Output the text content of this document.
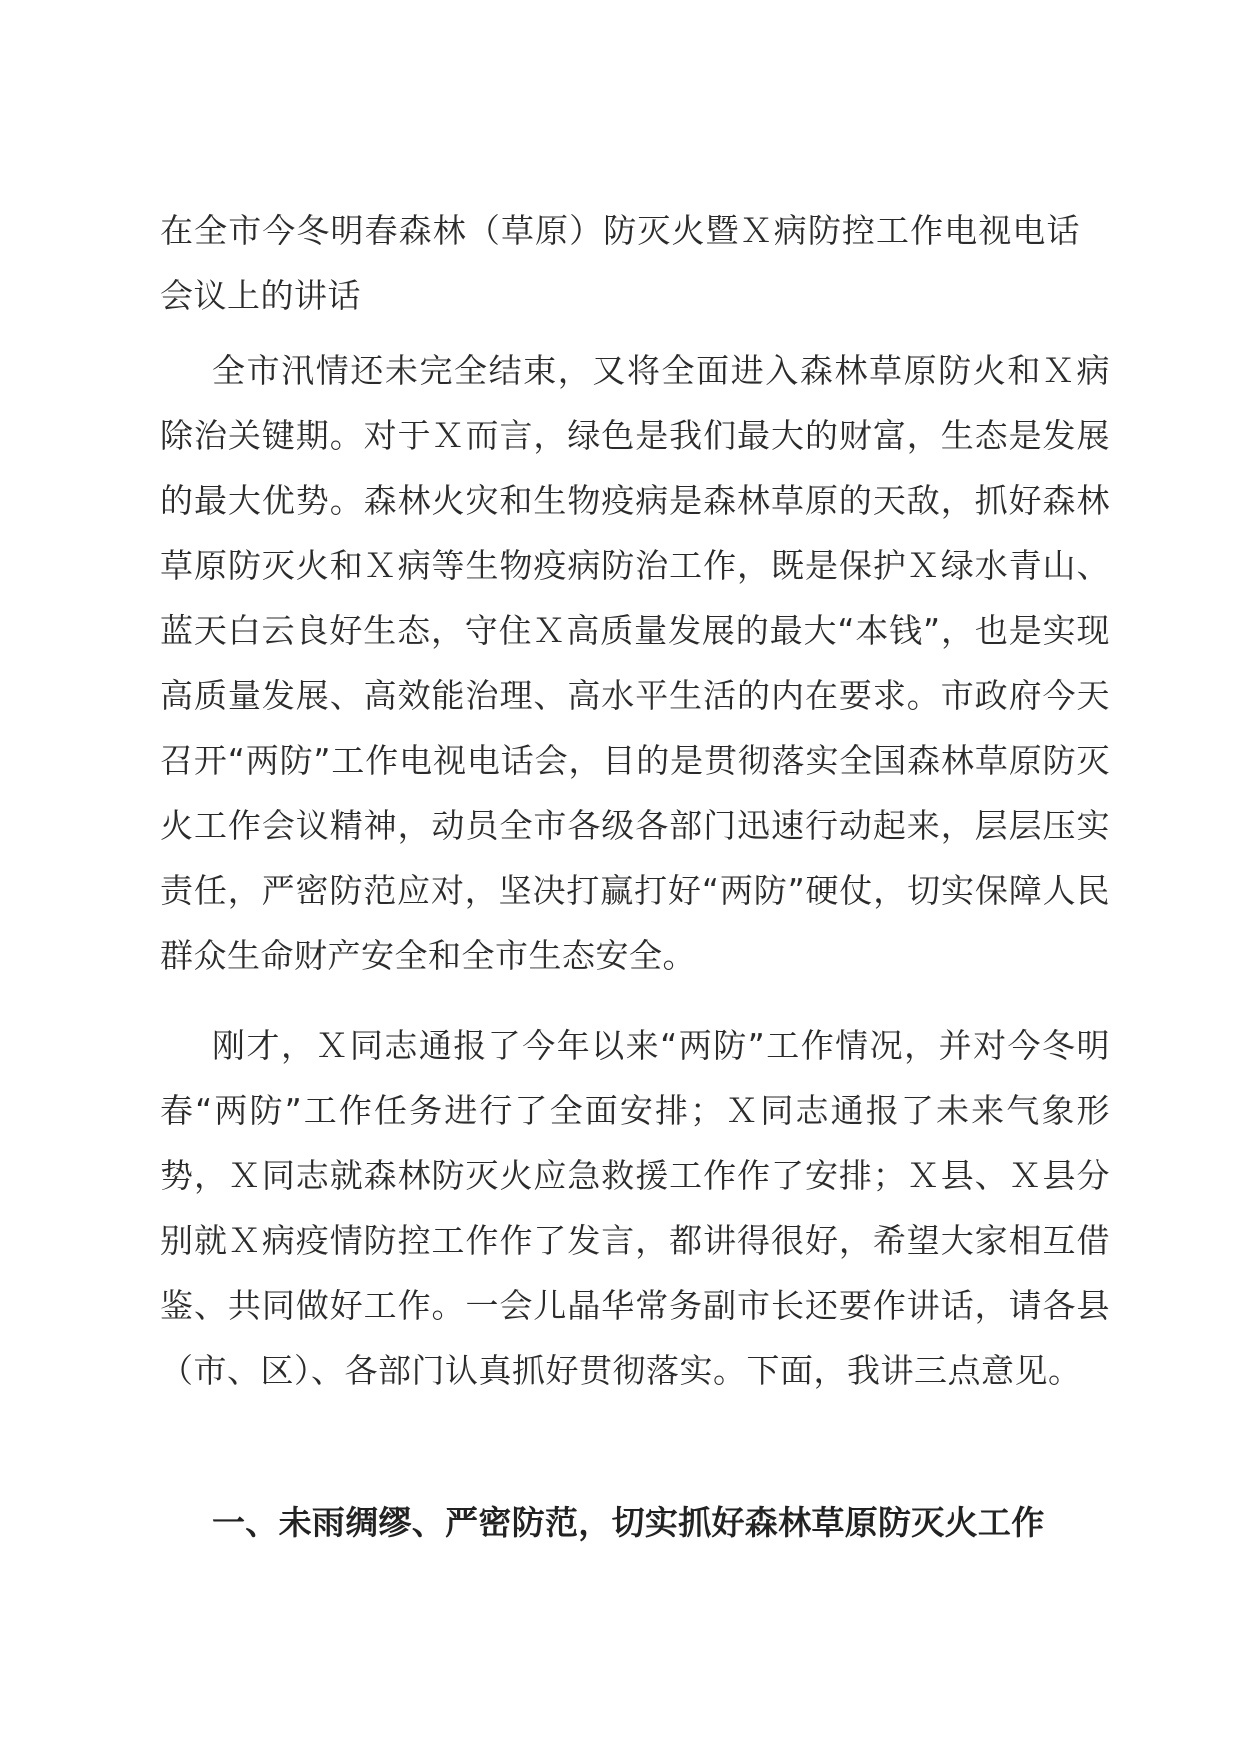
在全市今冬明春森林（草原）防灭火暨Ｘ病防控工作电视电话会议上的讲话

全市汛情还未完全结束，又将全面进入森林草原防火和Ｘ病除治关键期。对于Ｘ而言，绿色是我们最大的财富，生态是发展的最大优势。森林火灾和生物疫病是森林草原的天敌，抓好森林草原防灭火和Ｘ病等生物疫病防治工作，既是保护Ｘ绿水青山、蓝天白云良好生态，守住Ｘ高质量发展的最大“本钱”，也是实现高质量发展、高效能治理、高水平生活的内在要求。市政府今天召开“两防”工作电视电话会，目的是贯彻落实全国森林草原防灭火工作会议精神，动员全市各级各部门迅速行动起来，层层压实责任，严密防范应对，坚决打赢打好“两防”硬仗，切实保障人民群众生命财产安全和全市生态安全。

刚才，Ｘ同志通报了今年以来“两防”工作情况，并对今冬明春“两防”工作任务进行了全面安排；Ｘ同志通报了未来气象形势，Ｘ同志就森林防灭火应急救援工作作了安排；Ｘ县、Ｘ县分别就Ｘ病疫情防控工作作了发言，都讲得很好，希望大家相互借鉴、共同做好工作。一会儿晶华常务副市长还要作讲话，请各县（市、区）、各部门认真抓好贯彻落实。下面，我讲三点意见。

一、未雨绸缪、严密防范，切实抓好森林草原防灭火工作
